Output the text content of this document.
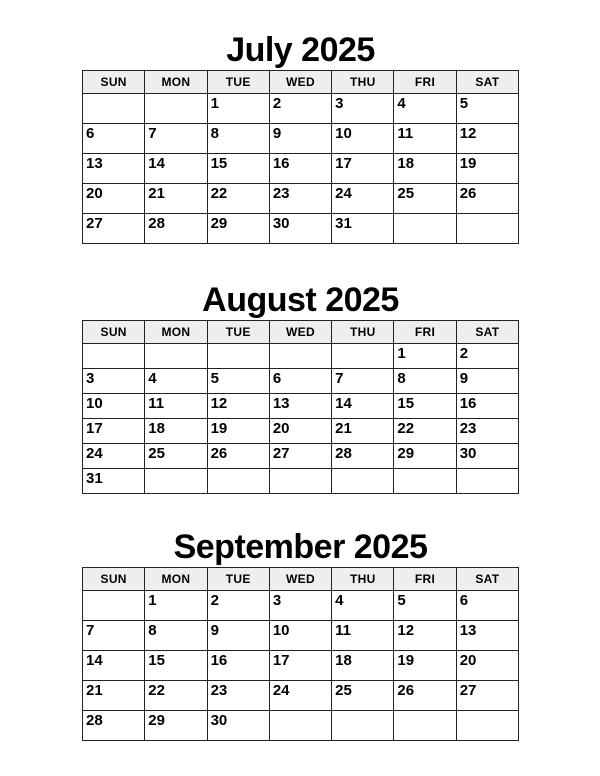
July 2025
SUN	MON	TUE	WED	THU	FRI	SAT

		1	2	3	4	5

6	7	8	9	10	11	12

13	14	15	16	17	18	19

20	21	22	23	24	25	26

27	28	29	30	31		

August 2025
SUN	MON	TUE	WED	THU	FRI	SAT

					1	2

3	4	5	6	7	8	9

10	11	12	13	14	15	16

17	18	19	20	21	22	23

24	25	26	27	28	29	30

31						

September 2025
SUN	MON	TUE	WED	THU	FRI	SAT

	1	2	3	4	5	6

7	8	9	10	11	12	13

14	15	16	17	18	19	20

21	22	23	24	25	26	27

28	29	30				
